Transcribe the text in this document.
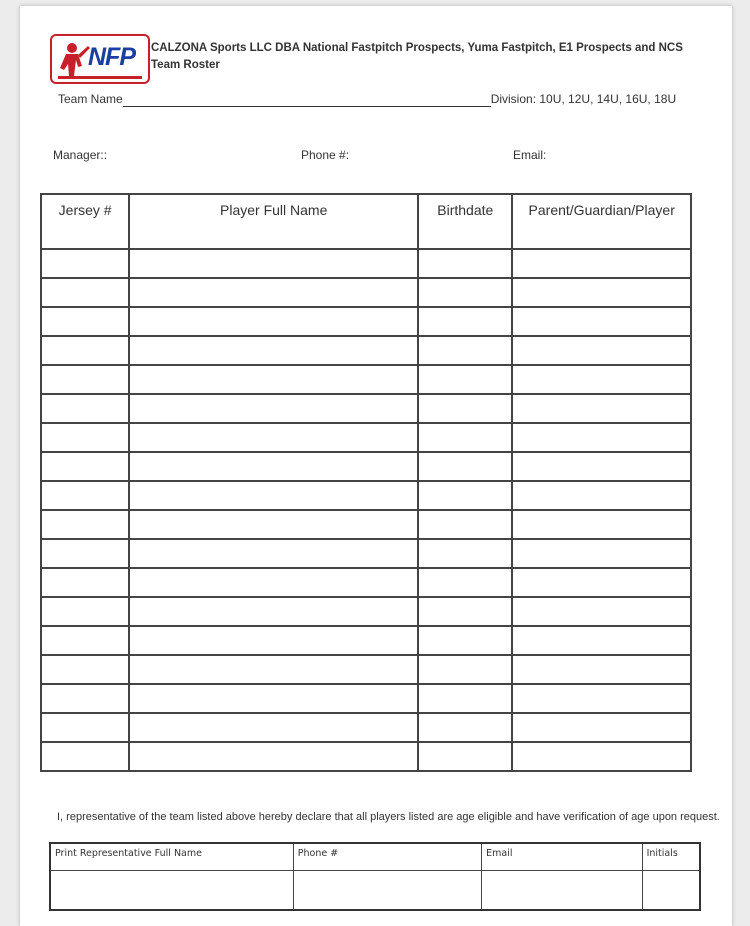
NFP CALZONA Sports LLC DBA National Fastpitch Prospects, Yuma Fastpitch, E1 Prospects and NCS
Team Roster
Team Name	Division: 10U, 12U, 14U, 16U, 18U
Manager::	Phone #:	Email:
Jersey #	Player Full Name	Birthdate	Parent/Guardian/Player

I, representative of the team listed above hereby declare that all players listed are age eligible and have verification of age upon request.
Print Representative Full Name	Phone #	Email	Initials
